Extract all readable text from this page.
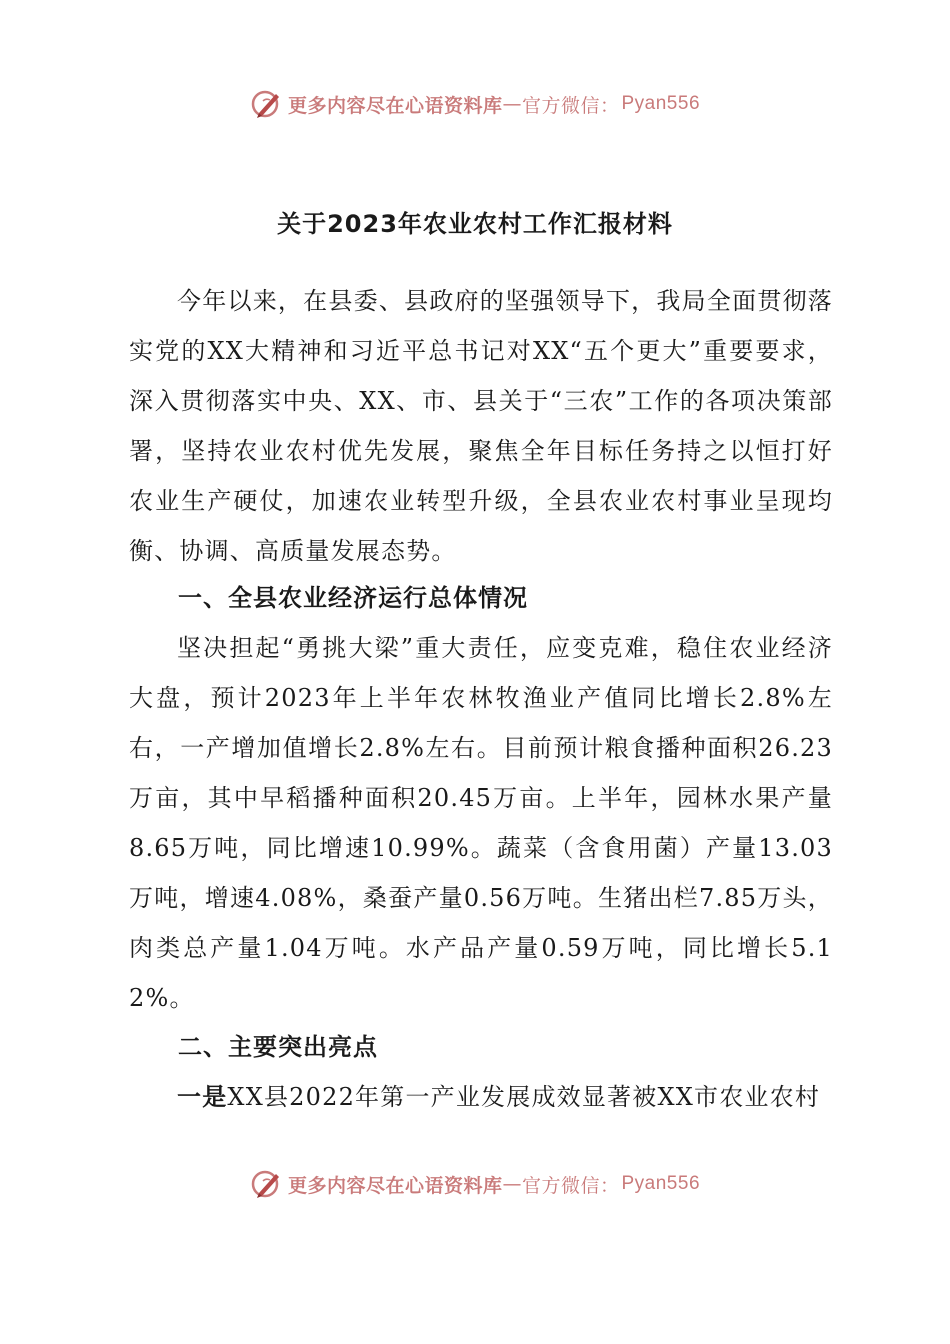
更多内容尽在心语资料库 — 官方微信： Pyan556
关于2023年农业农村工作汇报材料

今年以来，在县委、县政府的坚强领导下，我局全面贯彻落实党的XX大精神和习近平总书记对XX“五个更大”重要要求，深入贯彻落实中央、XX、市、县关于“三农”工作的各项决策部署，坚持农业农村优先发展，聚焦全年目标任务持之以恒打好农业生产硬仗，加速农业转型升级，全县农业农村事业呈现均衡、协调、高质量发展态势。

一、全县农业经济运行总体情况

坚决担起“勇挑大梁”重大责任，应变克难，稳住农业经济大盘，预计2023年上半年农林牧渔业产值同比增长2.8%左右，一产增加值增长2.8%左右。目前预计粮食播种面积26.23万亩，其中早稻播种面积20.45万亩。上半年，园林水果产量8.65万吨，同比增速10.99%。蔬菜（含食用菌）产量13.03万吨，增速4.08%，桑蚕产量0.56万吨。生猪出栏7.85万头，肉类总产量1.04万吨。水产品产量0.59万吨，同比增长5.12%。

二、主要突出亮点

一是XX县2022年第一产业发展成效显著被XX市农业农村

更多内容尽在心语资料库 — 官方微信： Pyan556
